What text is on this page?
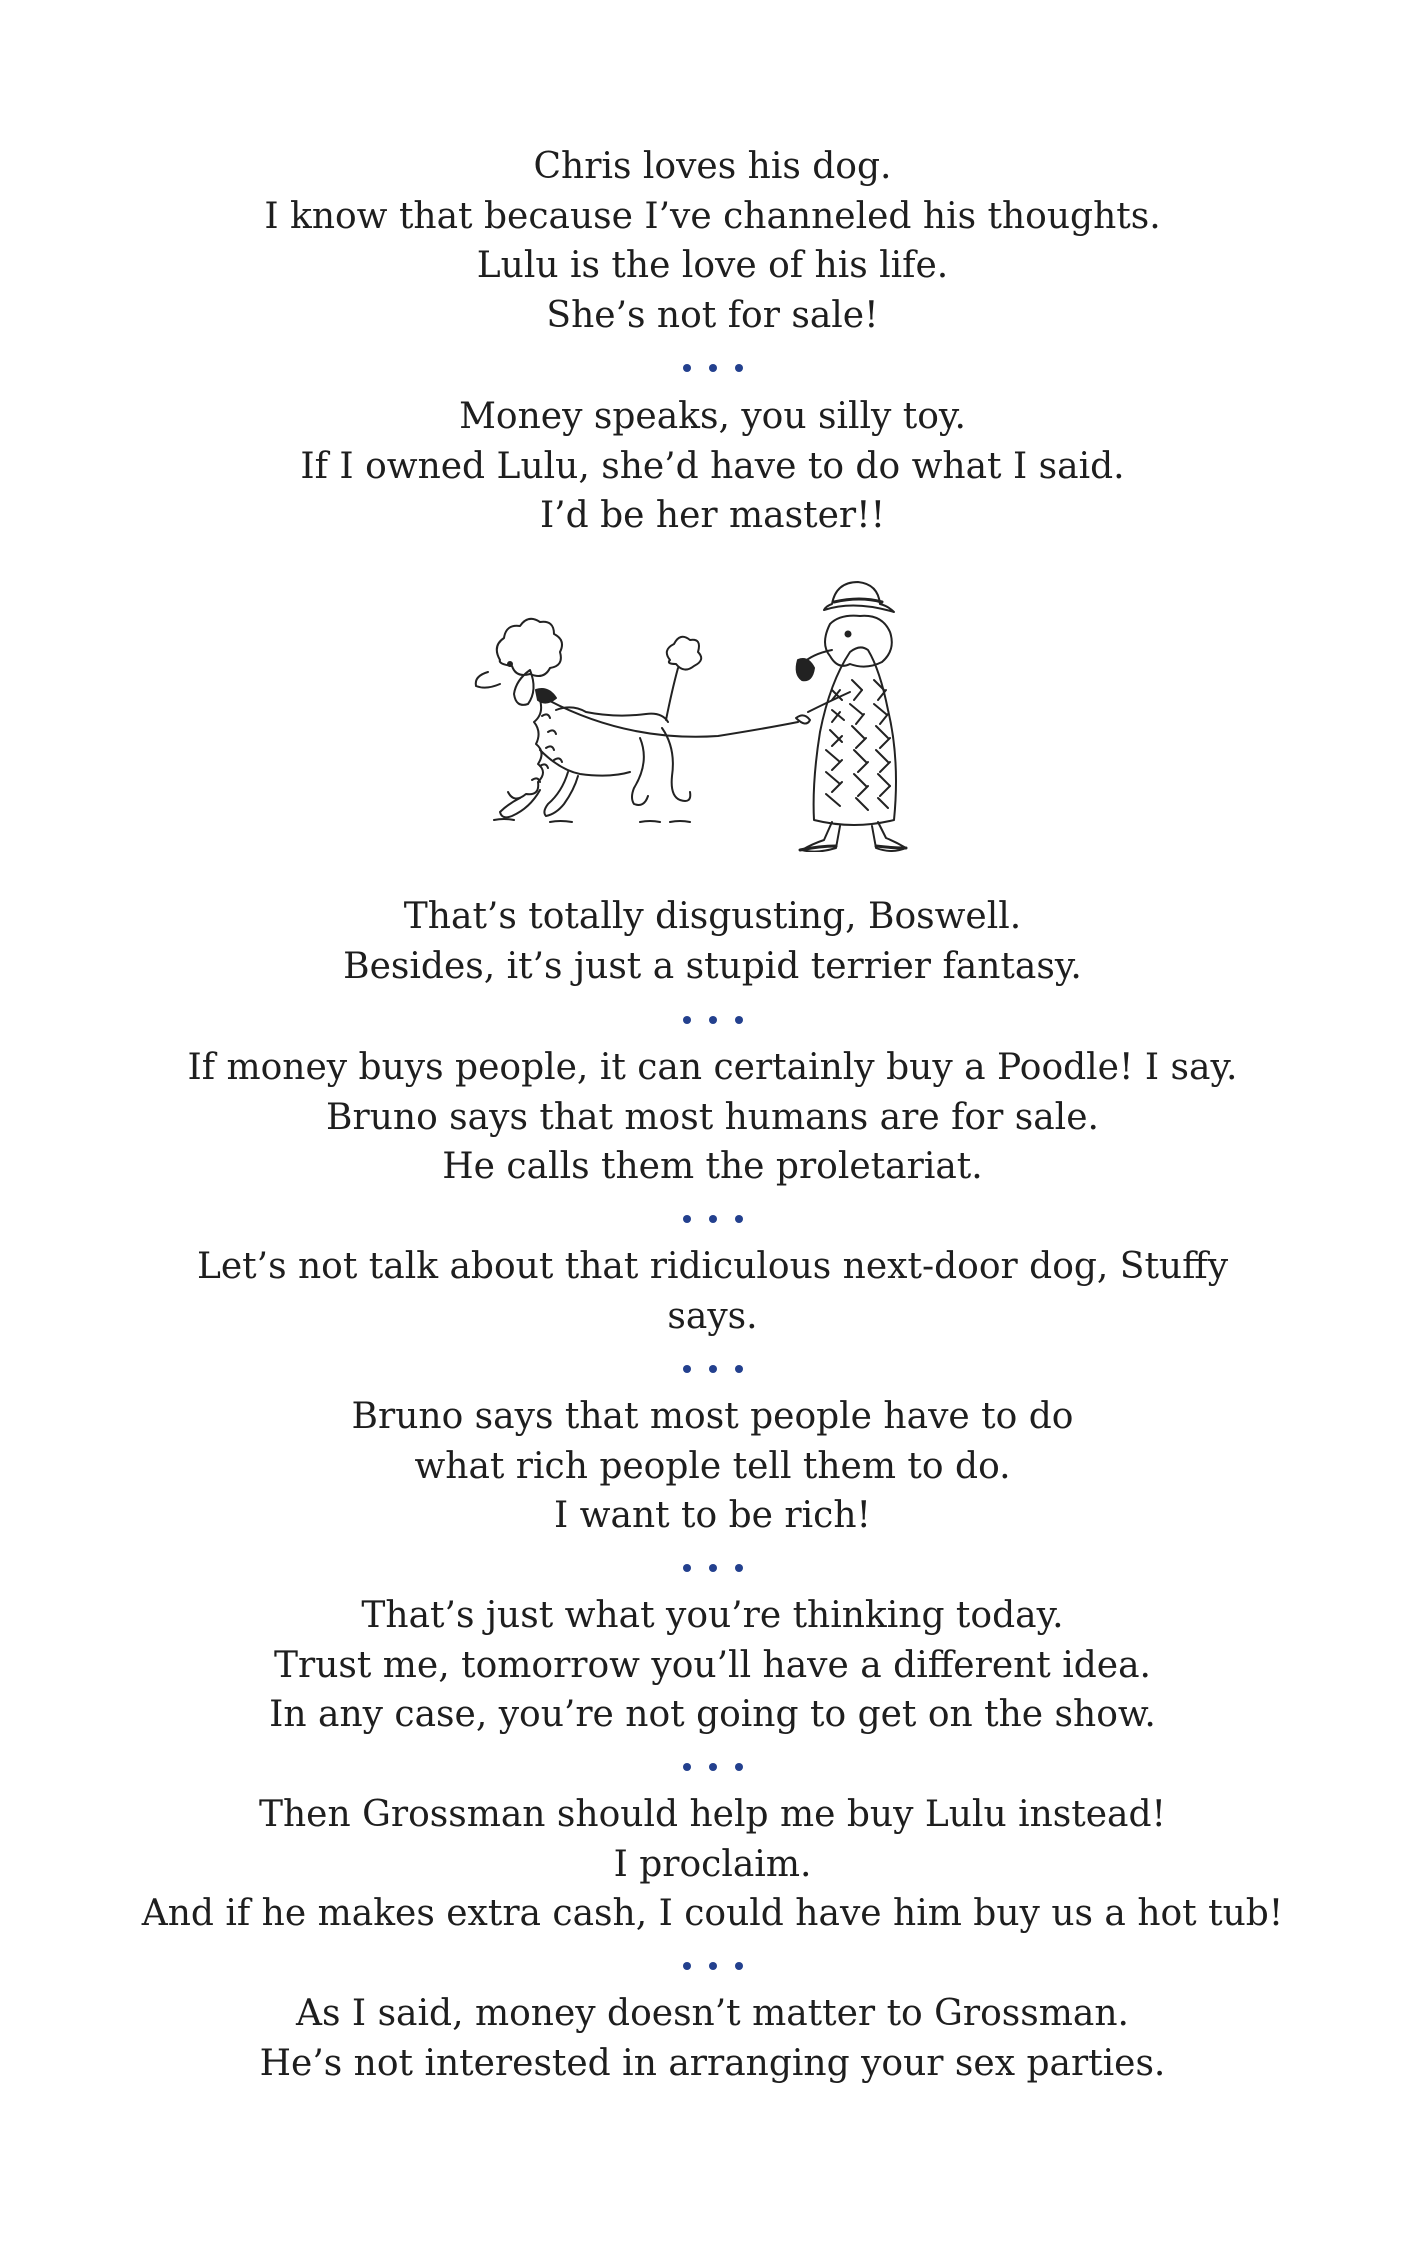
Chris loves his dog.
I know that because I’ve channeled his thoughts.
Lulu is the love of his life.
She’s not for sale!
Money speaks, you silly toy.
If I owned Lulu, she’d have to do what I said.
I’d be her master!!
That’s totally disgusting, Boswell.
Besides, it’s just a stupid terrier fantasy.
If money buys people, it can certainly buy a Poodle! I say.
Bruno says that most humans are for sale.
He calls them the proletariat.
Let’s not talk about that ridiculous next-door dog, Stuffy
says.
Bruno says that most people have to do
what rich people tell them to do.
I want to be rich!
That’s just what you’re thinking today.
Trust me, tomorrow you’ll have a different idea.
In any case, you’re not going to get on the show.
Then Grossman should help me buy Lulu instead!
I proclaim.
And if he makes extra cash, I could have him buy us a hot tub!
As I said, money doesn’t matter to Grossman.
He’s not interested in arranging your sex parties.
